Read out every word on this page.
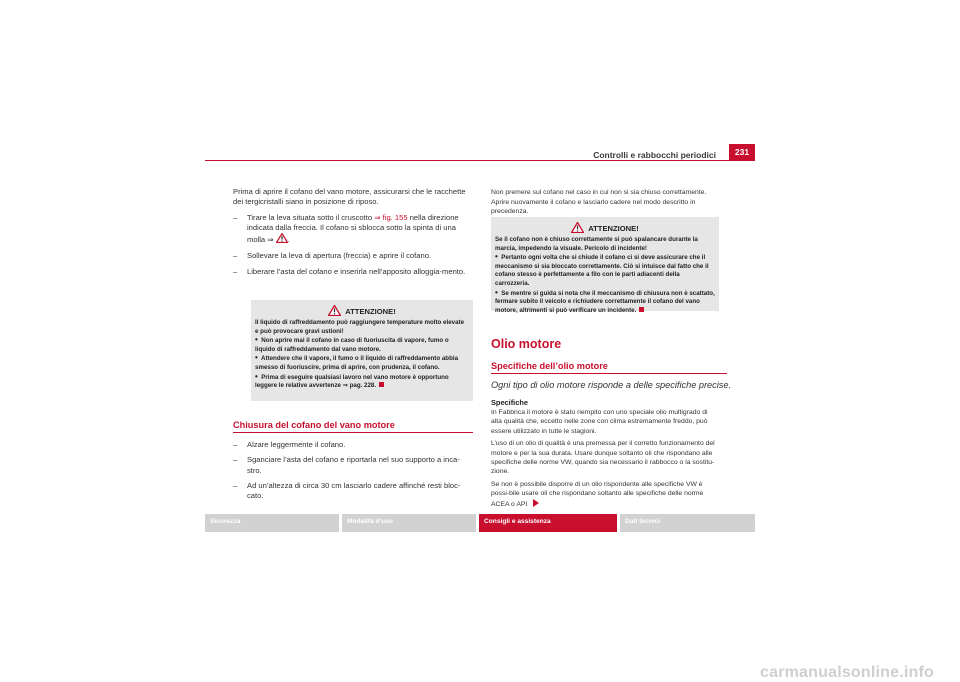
Controlli e rabbocchi periodici	231

Prima di aprire il cofano del vano motore, assicurarsi che le racchette dei tergicristalli siano in posizione di riposo.

– Tirare la leva situata sotto il cruscotto ⇒ fig. 155 nella direzione indicata dalla freccia. Il cofano si sblocca sotto la spinta di una molla ⇒ .
– Sollevare la leva di apertura (freccia) e aprire il cofano.
– Liberare l’asta del cofano e inserirla nell’apposito alloggia-mento.
ATTENZIONE!

Il liquido di raffreddamento può raggiungere temperature molto elevate e può provocare gravi ustioni!

• Non aprire mai il cofano in caso di fuoriuscita di vapore, fumo o liquido di raffreddamento dal vano motore.

• Attendere che il vapore, il fumo o il liquido di raffreddamento abbia smesso di fuoriuscire, prima di aprire, con prudenza, il cofano.

• Prima di eseguire qualsiasi lavoro nel vano motore è opportuno leggere le relative avvertenze ⇒ pag. 228.

Chiusura del cofano del vano motore
– Alzare leggermente il cofano.
– Sganciare l’asta del cofano e riportarla nel suo supporto a inca-stro.
– Ad un’altezza di circa 30 cm lasciarlo cadere affinché resti bloc-cato.

Non premere sul cofano nel caso in cui non si sia chiuso correttamente. Aprire nuovamente il cofano e lasciarlo cadere nel modo descritto in precedenza.

ATTENZIONE!

Se il cofano non è chiuso correttamente si può spalancare durante la marcia, impedendo la visuale. Pericolo di incidente!

• Pertanto ogni volta che si chiude il cofano ci si deve assicurare che il meccanismo si sia bloccato correttamente. Ciò si intuisce dal fatto che il cofano stesso è perfettamente a filo con le parti adiacenti della carrozzeria.

• Se mentre si guida si nota che il meccanismo di chiusura non è scattato, fermare subito il veicolo e richiudere correttamente il cofano del vano motore, altrimenti si può verificare un incidente.

Olio motore
Specifiche dell’olio motore
Ogni tipo di olio motore risponde a delle specifiche precise.
Specifiche

In Fabbrica il motore è stato riempito con uno speciale olio multigrado di alta qualità che, eccetto nelle zone con clima estremamente freddo, può essere utilizzato in tutte le stagioni.

L’uso di un olio di qualità è una premessa per il corretto funzionamento del motore e per la sua durata. Usare dunque soltanto oli che rispondano alle specifiche delle norme VW, quando sia necessario il rabbocco o la sostitu-zione.

Se non è possibile disporre di un olio rispondente alle specifiche VW è possi-bile usare oli che rispondano soltanto alle specifiche delle norme ACEA o API

Sicurezza	Modalità d'uso	Consigli e assistenza	Dati tecnici
carmanualsonline.info
